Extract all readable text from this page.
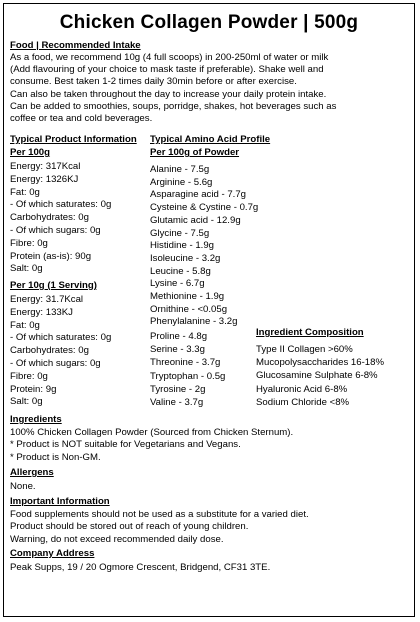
Chicken Collagen Powder | 500g
Food | Recommended Intake
As a food, we recommend 10g (4 full scoops) in 200-250ml of water or milk
(Add flavouring of your choice to mask taste if preferable). Shake well and
consume. Best taken 1-2 times daily 30min before or after exercise.
Can also be taken throughout the day to increase your daily protein intake.
Can be added to smoothies, soups, porridge, shakes, hot beverages such as
coffee or tea and cold beverages.
Typical Product Information Typical Amino Acid Profile
Per 100g	Per 100g of Powder
Energy: 317Kcal
Energy: 1326KJ
Fat: 0g
- Of which saturates: 0g
Carbohydrates: 0g
- Of which sugars: 0g
Fibre: 0g
Protein (as-is): 90g
Salt: 0g
Per 10g (1 Serving)
Energy: 31.7Kcal
Energy: 133KJ
Fat: 0g
- Of which saturates: 0g
Carbohydrates: 0g
- Of which sugars: 0g
Fibre: 0g
Protein: 9g
Salt: 0g
Alanine - 7.5g
Arginine - 5.6g
Asparagine acid - 7.7g
Cysteine & Cystine - 0.7g
Glutamic acid - 12.9g
Glycine - 7.5g
Histidine - 1.9g
Isoleucine - 3.2g
Leucine - 5.8g
Lysine - 6.7g
Methionine - 1.9g
Ornithine - <0.05g
Phenylalanine - 3.2g
Proline - 4.8g
Serine - 3.3g
Threonine - 3.7g
Tryptophan - 0.5g
Tyrosine - 2g
Valine - 3.7g
Ingredient Composition
Type II Collagen >60%
Mucopolysaccharides 16-18%
Glucosamine Sulphate 6-8%
Hyaluronic Acid 6-8%
Sodium Chloride <8%
Ingredients
100% Chicken Collagen Powder (Sourced from Chicken Sternum).
* Product is NOT suitable for Vegetarians and Vegans.
* Product is Non-GM.
Allergens
None.
Important Information
Food supplements should not be used as a substitute for a varied diet.
Product should be stored out of reach of young children.
Warning, do not exceed recommended daily dose.
Company Address
Peak Supps, 19 / 20 Ogmore Crescent, Bridgend, CF31 3TE.
